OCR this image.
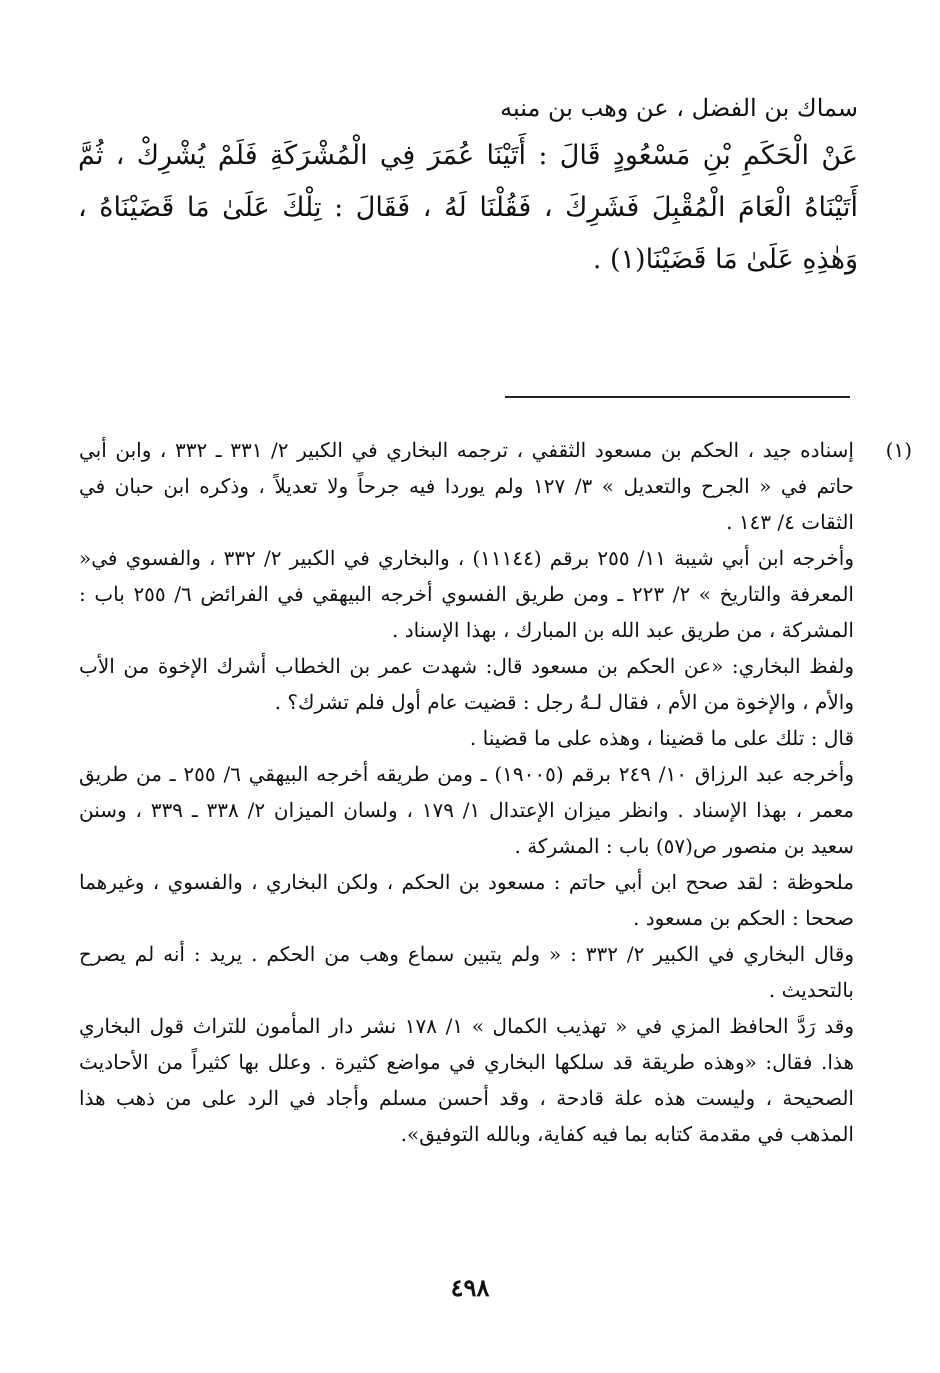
سماك بن الفضل ، عن وهب بن منبه

عَنْ الْحَكَمِ بْنِ مَسْعُودٍ قَالَ : أَتَيْنَا عُمَرَ فِي الْمُشْرَكَةِ فَلَمْ يُشْرِكْ ، ثُمَّ أَتَيْنَاهُ الْعَامَ الْمُقْبِلَ فَشَرِكَ ، فَقُلْنَا لَهُ ، فَقَالَ : تِلْكَ عَلَىٰ مَا قَضَيْنَاهُ ، وَهٰذِهِ عَلَىٰ مَا قَضَيْنَا(١) .

(١)

إسناده جيد ، الحكم بن مسعود الثقفي ، ترجمه البخاري في الكبير ٢/ ٣٣١ ـ ٣٣٢ ، وابن أبي حاتم في « الجرح والتعديل » ٣/ ١٢٧ ولم يوردا فيه جرحاً ولا تعديلاً ، وذكره ابن حبان في الثقات ٤/ ١٤٣ .

وأخرجه ابن أبي شيبة ١١/ ٢٥٥ برقم (١١١٤٤) ، والبخاري في الكبير ٢/ ٣٣٢ ، والفسوي في« المعرفة والتاريخ » ٢/ ٢٢٣ ـ ومن طريق الفسوي أخرجه البيهقي في الفرائض ٦/ ٢٥٥ باب : المشركة ، من طريق عبد الله بن المبارك ، بهذا الإسناد .

ولفظ البخاري: «عن الحكم بن مسعود قال: شهدت عمر بن الخطاب أشرك الإخوة من الأب والأم ، والإخوة من الأم ، فقال لـهُ رجل : قضيت عام أول فلم تشرك؟ .

قال : تلك على ما قضينا ، وهذه على ما قضينا .

وأخرجه عبد الرزاق ١٠/ ٢٤٩ برقم (١٩٠٠٥) ـ ومن طريقه أخرجه البيهقي ٦/ ٢٥٥ ـ من طريق معمر ، بهذا الإسناد . وانظر ميزان الإعتدال ١/ ١٧٩ ، ولسان الميزان ٢/ ٣٣٨ ـ ٣٣٩ ، وسنن سعيد بن منصور ص(٥٧) باب : المشركة .

ملحوظة : لقد صحح ابن أبي حاتم : مسعود بن الحكم ، ولكن البخاري ، والفسوي ، وغيرهما صححا : الحكم بن مسعود .

وقال البخاري في الكبير ٢/ ٣٣٢ : « ولم يتبين سماع وهب من الحكم . يريد : أنه لم يصرح بالتحديث .

وقد رَدَّ الحافظ المزي في « تهذيب الكمال » ١/ ١٧٨ نشر دار المأمون للتراث قول البخاري هذا. فقال: «وهذه طريقة قد سلكها البخاري في مواضع كثيرة . وعلل بها كثيراً من الأحاديث الصحيحة ، وليست هذه علة قادحة ، وقد أحسن مسلم وأجاد في الرد على من ذهب هذا المذهب في مقدمة كتابه بما فيه كفاية، وبالله التوفيق».

٤٩٨
